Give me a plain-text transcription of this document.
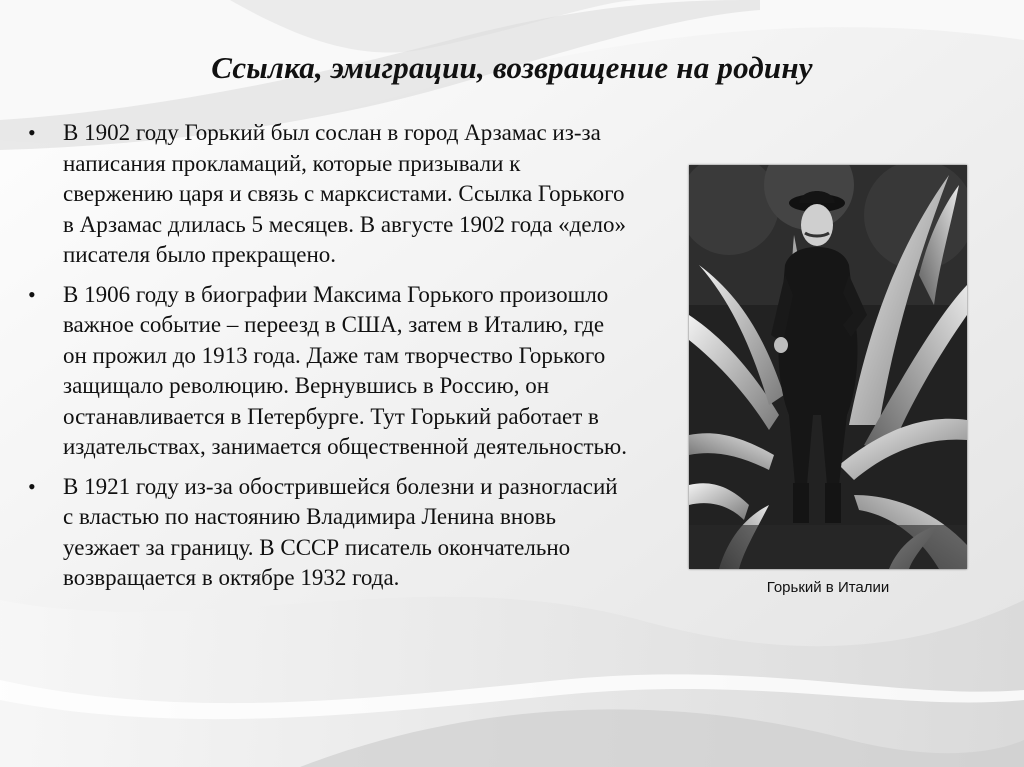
Ссылка, эмиграции, возвращение на родину
• В 1902 году Горький был сослан в город Арзамас из-за написания прокламаций, которые призывали к свержению царя и связь с марксистами. Ссылка Горького в Арзамас длилась 5 месяцев. В августе 1902 года «дело» писателя было прекращено.
• В 1906 году в биографии Максима Горького произошло важное событие – переезд в США, затем в Италию, где он прожил до 1913 года. Даже там творчество Горького защищало революцию. Вернувшись в Россию, он останавливается в Петербурге. Тут Горький работает в издательствах, занимается общественной деятельностью.
• В 1921 году из-за обострившейся болезни и разногласий с властью по настоянию Владимира Ленина вновь уезжает за границу. В СССР писатель окончательно возвращается в октябре 1932 года.	Горький в Италии
